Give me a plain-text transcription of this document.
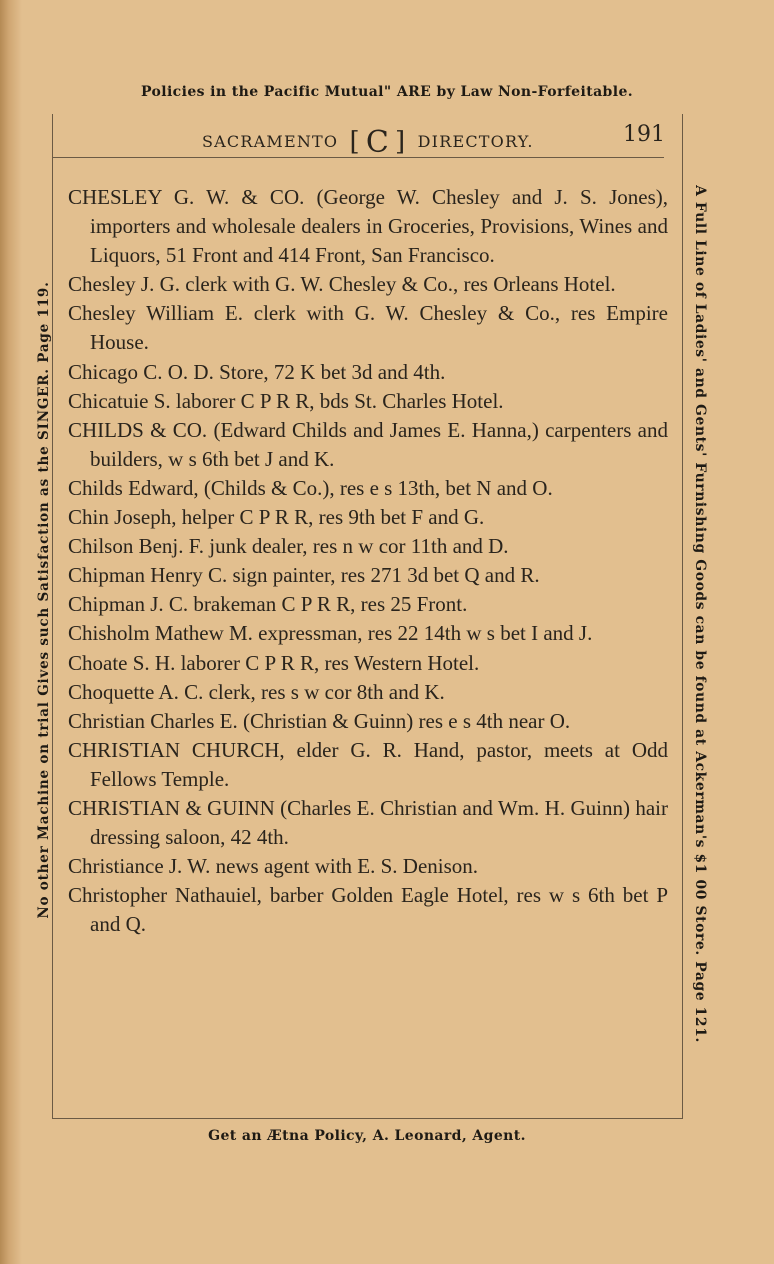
Policies in the Pacific Mutual" ARE by Law Non-Forfeitable.
SACRAMENTO [ C ] DIRECTORY.	191

CHESLEY G. W. & CO. (George W. Chesley and J. S. Jones), importers and wholesale dealers in Groceries, Provisions, Wines and Liquors, 51 Front and 414 Front, San Francisco.

Chesley J. G. clerk with G. W. Chesley & Co., res Orleans Hotel.

Chesley William E. clerk with G. W. Chesley & Co., res Empire House.

Chicago C. O. D. Store, 72 K bet 3d and 4th.

Chicatuie S. laborer C P R R, bds St. Charles Hotel.

CHILDS & CO. (Edward Childs and James E. Hanna,) carpenters and builders, w s 6th bet J and K.

Childs Edward, (Childs & Co.), res e s 13th, bet N and O.

Chin Joseph, helper C P R R, res 9th bet F and G.

Chilson Benj. F. junk dealer, res n w cor 11th and D.

Chipman Henry C. sign painter, res 271 3d bet Q and R.

Chipman J. C. brakeman C P R R, res 25 Front.

Chisholm Mathew M. expressman, res 22 14th w s bet I and J.

Choate S. H. laborer C P R R, res Western Hotel.

Choquette A. C. clerk, res s w cor 8th and K.

Christian Charles E. (Christian & Guinn) res e s 4th near O.

CHRISTIAN CHURCH, elder G. R. Hand, pastor, meets at Odd Fellows Temple.

CHRISTIAN & GUINN (Charles E. Christian and Wm. H. Guinn) hair dressing saloon, 42 4th.

Christiance J. W. news agent with E. S. Denison.

Christopher Nathauiel, barber Golden Eagle Hotel, res w s 6th bet P and Q.

No other Machine on trial Gives such Satisfaction as the SINGER. Page 119.	A Full Line of Ladies' and Gents' Furnishing Goods can be found at Ackerman's $1 00 Store. Page 121.
Get an Ætna Policy, A. Leonard, Agent.
